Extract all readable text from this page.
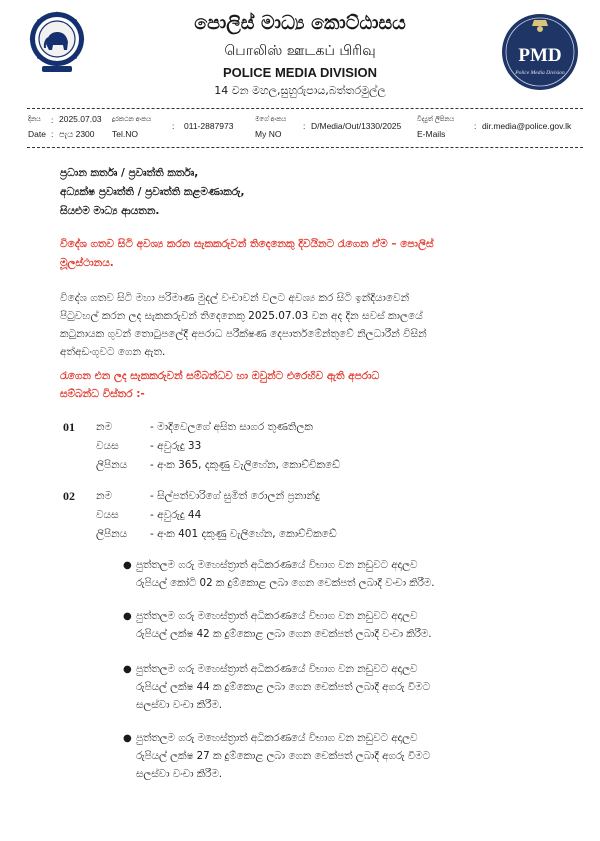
PMD
Police Media Division
පොලිස් මාධ්‍ය කොට්ඨාසය
பொலிஸ் ஊடகப் பிரிவு
POLICE MEDIA DIVISION
14 වන මහල,සුහුරුපාය,බත්තරමුල්ල
දිනය
Date
:
:
2025.07.03
පැය 2300
දුරකථන අංකය
Tel.NO
: 011-2887973
මගේ අංකය
My NO
: D/Media/Out/1330/2025
විද්‍යුත් ලිපිනය
E-Mails
: dir.media@police.gov.lk
ප්‍රධාන කර්තෘ / ප්‍රවෘත්ති කර්තෘ,
අධ්‍යක්ෂ ප්‍රවෘත්ති / ප්‍රවෘත්ති කළමණාකරු,
සියළුම මාධ්‍ය ආයතන.
විදේශ ගතව සිටි අවශ්‍ය කරන සැකකරුවන් තිදෙනෙකු දිවයිනට රැගෙන ඒම – පොලිස්
මූලස්ථානය.
විදේශ ගතව සිටි මහා පරිමාණ මුදල් වංචාවන් වලට අවශ්‍ය කර සිටි ඉන්දියාවෙන්
පිටුවහල් කරන ලද සැකකරුවන් තිදෙනෙකු 2025.07.03 වන අද දින සවස් කාලයේ
කටුනායක ගුවන් තොටුපලේදී අපරාධ පරීක්ෂණ දෙපාර්තමේන්තුවේ නිලධාරීන් විසින්
අත්අඩංගුවට ගෙන ඇත.
රැගෙන එන ලද සැකකරුවන් සම්බන්ධව හා ඔවුන්ට එරෙහිව ඇති අපරාධ
සම්බන්ධ විස්තර :-
01 නම	- මාදිවෙලගේ අසිත සාගර තුණතිලක
වයස	- අවුරුදු 33
ලිපිනය - අංක 365, දකුණු වැලිහේන, කොච්චිකඩේ
02 නම	- සිල්පත්වාරිගේ සුමිත් රොලන් ප්‍රනාන්දු
වයස	- අවුරුදු 44
ලිපිනය - අංක 401 දකුණු වැලිහේන, කොච්චිකඩේ
● පුත්තලම ගරු මහෙස්ත්‍රාත් අධිකරණයේ විභාග වන නඩුවට අදාලව
රුපියල් කෝටි 02 ක දුම්කොළ ලබා ගෙන චෙක්පත් ලබාදී වංචා කිරීම.
● පුත්තලම ගරු මහෙස්ත්‍රාත් අධිකරණයේ විභාග වන නඩුවට අදාලව
රුපියල් ලක්ෂ 42 ක දුම්කොළ ලබා ගෙන චෙක්පත් ලබාදී වංචා කිරීම.
● පුත්තලම ගරු මහෙස්ත්‍රාත් අධිකරණයේ විභාග වන නඩුවට අදාලව
රුපියල් ලක්ෂ 44 ක දුම්කොළ ලබා ගෙන චෙක්පත් ලබාදී අගරු වීමට
සලස්වා වංචා කිරීම.
● පුත්තලම ගරු මහෙස්ත්‍රාත් අධිකරණයේ විභාග වන නඩුවට අදාලව
රුපියල් ලක්ෂ 27 ක දුම්කොළ ලබා ගෙන චෙක්පත් ලබාදී අගරු වීමට
සලස්වා වංචා කිරීම.
